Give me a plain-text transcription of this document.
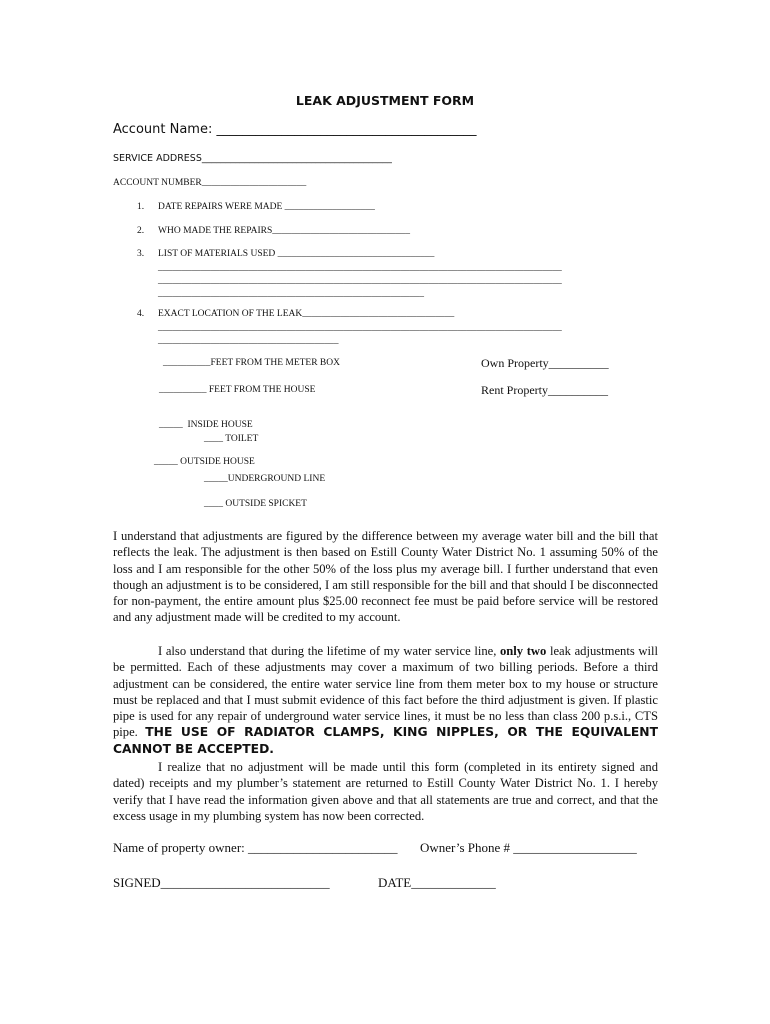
LEAK ADJUSTMENT FORM
Account Name: ________________________________________
SERVICE ADDRESS________________________________________
ACCOUNT NUMBER______________________
1. DATE REPAIRS WERE MADE ___________________
2. WHO MADE THE REPAIRS_____________________________
3. LIST OF MATERIALS USED _________________________________
_____________________________________________________________________________________
_____________________________________________________________________________________
________________________________________________________
4. EXACT LOCATION OF THE LEAK________________________________
_____________________________________________________________________________________
______________________________________
__________FEET FROM THE METER BOX	Own Property__________
__________ FEET FROM THE HOUSE	Rent Property__________
_____  INSIDE HOUSE
____ TOILET
_____ OUTSIDE HOUSE
_____UNDERGROUND LINE
____ OUTSIDE SPICKET
I understand that adjustments are figured by the difference between my average water bill and the bill that reflects the leak. The adjustment is then based on Estill County Water District No. 1 assuming 50% of the loss and I am responsible for the other 50% of the loss plus my average bill. I further understand that even though an adjustment is to be considered, I am still responsible for the bill and that should I be disconnected for non-payment, the entire amount plus $25.00 reconnect fee must be paid before service will be restored and any adjustment made will be credited to my account.
I also understand that during the lifetime of my water service line, only two leak adjustments will be permitted. Each of these adjustments may cover a maximum of two billing periods. Before a third adjustment can be considered, the entire water service line from them meter box to my house or structure must be replaced and that I must submit evidence of this fact before the third adjustment is given. If plastic pipe is used for any repair of underground water service lines, it must be no less than class 200 p.s.i., CTS pipe. THE USE OF RADIATOR CLAMPS, KING NIPPLES, OR THE EQUIVALENT CANNOT BE ACCEPTED.
I realize that no adjustment will be made until this form (completed in its entirety signed and dated) receipts and my plumber’s statement are returned to Estill County Water District No. 1. I hereby verify that I have read the information given above and that all statements are true and correct, and that the excess usage in my plumbing system has now been corrected.
Name of property owner: _______________________ Owner’s Phone # ___________________
SIGNED__________________________	DATE_____________
